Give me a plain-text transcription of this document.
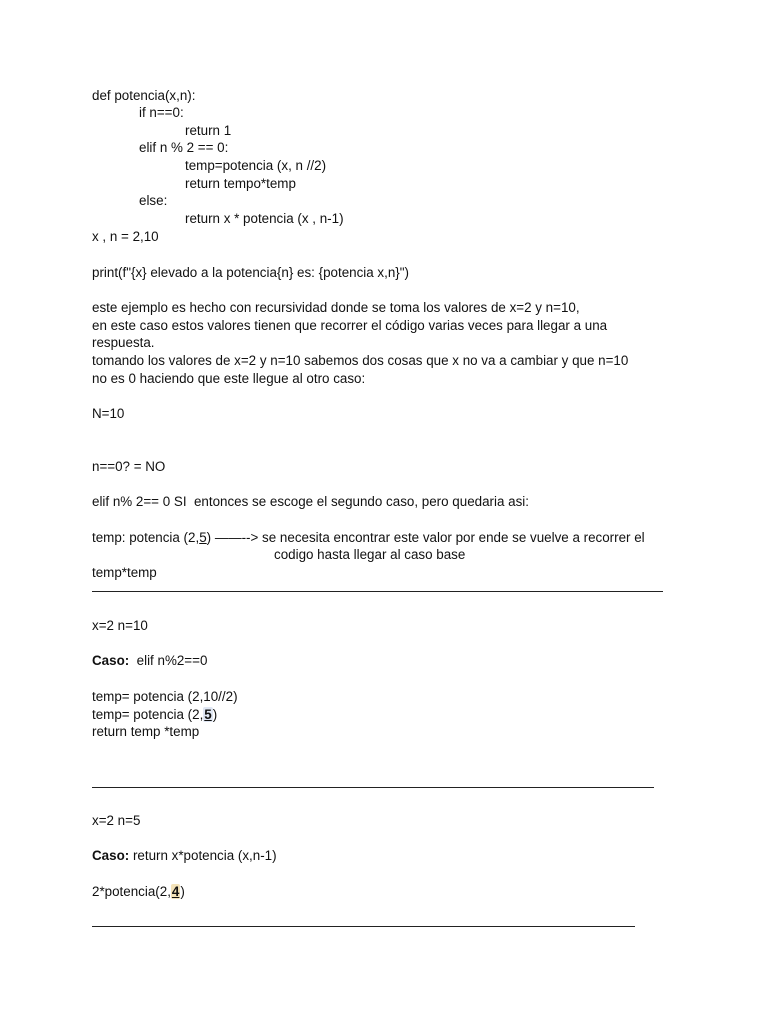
def potencia(x,n):
if n==0:
return 1
elif n % 2 == 0:
temp=potencia (x, n //2)
return tempo*temp
else:
return x * potencia (x , n-1)
x , n = 2,10
print(f"{x} elevado a la potencia{n} es: {potencia x,n}")
este ejemplo es hecho con recursividad donde se toma los valores de x=2 y n=10,
en este caso estos valores tienen que recorrer el código varias veces para llegar a una
respuesta.
tomando los valores de x=2 y n=10 sabemos dos cosas que x no va a cambiar y que n=10
no es 0 haciendo que este llegue al otro caso:
N=10
n==0? = NO
elif n% 2== 0 SI  entonces se escoge el segundo caso, pero quedaria asi:
temp: potencia (2,5) ——--> se necesita encontrar este valor por ende se vuelve a recorrer el
codigo hasta llegar al caso base
temp*temp
x=2 n=10
Caso:  elif n%2==0
temp= potencia (2,10//2)
temp= potencia (2,5)
return temp *temp
x=2 n=5
Caso: return x*potencia (x,n-1)
2*potencia(2,4)
